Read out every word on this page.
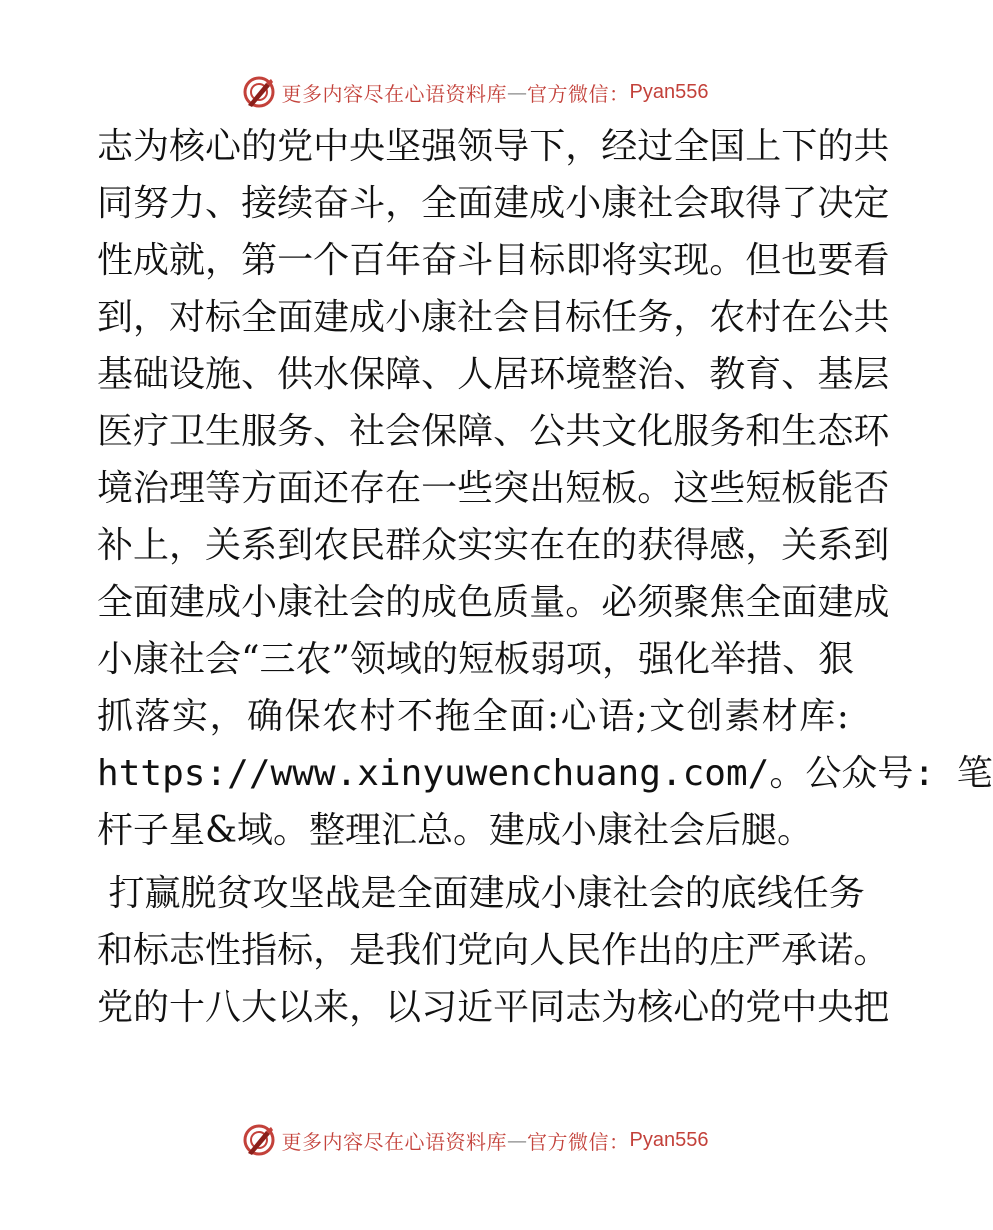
更多内容尽在心语资料库 — 官方微信： Pyan556
志 为 核 心 的 党 中 央 坚 强 领 导 下 ， 经 过 全 国 上 下 的 共
同 努 力 、 接 续 奋 斗 ， 全 面 建 成 小 康 社 会 取 得 了 决 定
性 成 就 ， 第 一 个 百 年 奋 斗 目 标 即 将 实 现 。 但 也 要 看
到 ， 对 标 全 面 建 成 小 康 社 会 目 标 任 务 ， 农 村 在 公 共
基 础 设 施 、 供 水 保 障 、 人 居 环 境 整 治 、 教 育 、 基 层
医 疗 卫 生 服 务 、 社 会 保 障 、 公 共 文 化 服 务 和 生 态 环
境 治 理 等 方 面 还 存 在 一 些 突 出 短 板 。 这 些 短 板 能 否
补 上 ， 关 系 到 农 民 群 众 实 实 在 在 的 获 得 感 ， 关 系 到
全 面 建 成 小 康 社 会 的 成 色 质 量 。 必 须 聚 焦 全 面 建 成
小 康 社 会 “ 三 农 ” 领 域 的 短 板 弱 项 ， 强 化 举 措 、 狠
抓 落 实 ， 确 保 农 村 不 拖 全 面 : 心 语 ; 文 创 素 材 库 :
h t t p s : / / w w w . x i n y u w e n c h u a n g . c o m / 。 公 众 号 :
笔
杆子星&域。整理汇总。建成小康社会后腿。

打 赢 脱 贫 攻 坚 战 是 全 面 建 成 小 康 社 会 的 底 线 任 务
和 标 志 性 指 标 ， 是 我 们 党 向 人 民 作 出 的 庄 严 承 诺 。
党 的 十 八 大 以 来 ， 以 习 近 平 同 志 为 核 心 的 党 中 央 把
更多内容尽在心语资料库 — 官方微信： Pyan556
